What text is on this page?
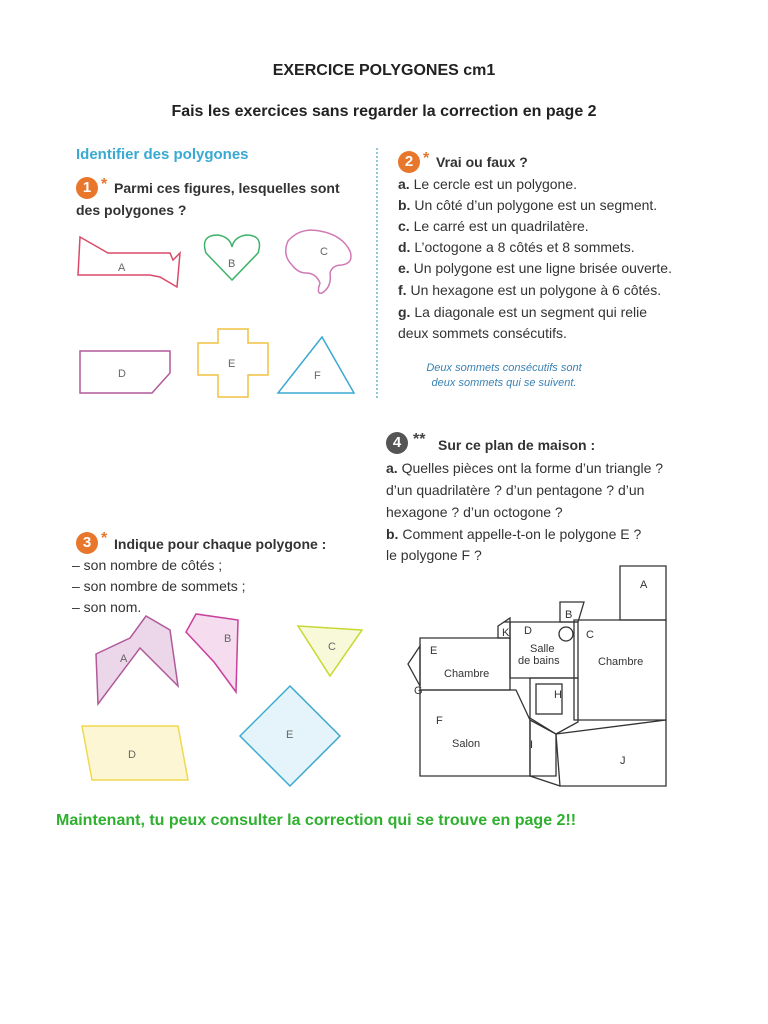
EXERCICE POLYGONES cm1
Fais les exercices sans regarder la correction en page 2
Identifier des polygones
1 * Parmi ces figures, lesquelles sont
des polygones ?
A	B
C
D
E
F
2 * Vrai ou faux ?
a. Le cercle est un polygone.
b. Un côté d’un polygone est un segment.
c. Le carré est un quadrilatère.
d. L’octogone a 8 côtés et 8 sommets.
e. Un polygone est une ligne brisée ouverte.
f. Un hexagone est un polygone à 6 côtés.
g. La diagonale est un segment qui relie
deux sommets consécutifs.
Deux sommets consécutifs sont
deux sommets qui se suivent.
4 ** Sur ce plan de maison :
a. Quelles pièces ont la forme d’un triangle ?
d’un quadrilatère ? d’un pentagone ? d’un
hexagone ? d’un octogone ?
b. Comment appelle-t-on le polygone E ?
le polygone F ?
A
B
C
D
E
F
G	H
I
J
K
Chambre
Chambre
Salle
de bains
Salon
3 * Indique pour chaque polygone :
– son nombre de côtés ;
– son nombre de sommets ;
– son nom.
A
B
C
D
E
Maintenant, tu peux consulter la correction qui se trouve en page 2!!
